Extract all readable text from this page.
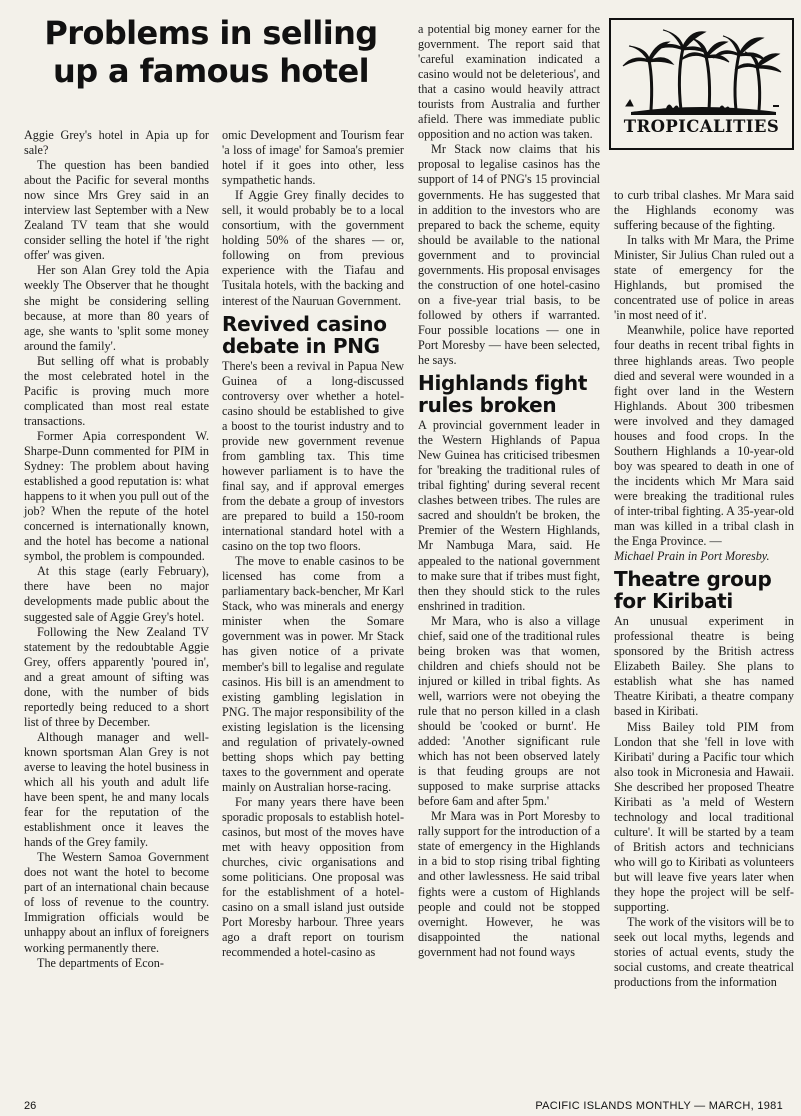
Problems in selling up a famous hotel
TROPICALITIES

Aggie Grey's hotel in Apia up for sale?

The question has been bandied about the Pacific for several months now since Mrs Grey said in an interview last September with a New Zealand TV team that she would consider selling the hotel if 'the right offer' was given.

Her son Alan Grey told the Apia weekly The Observer that he thought she might be considering selling because, at more than 80 years of age, she wants to 'split some money around the family'.

But selling off what is probably the most celebrated hotel in the Pacific is proving much more complicated than most real estate transactions.

Former Apia correspondent W. Sharpe-Dunn commented for PIM in Sydney: The problem about having established a good reputation is: what happens to it when you pull out of the job? When the repute of the hotel concerned is internationally known, and the hotel has become a national symbol, the problem is compounded.

At this stage (early February), there have been no major developments made public about the suggested sale of Aggie Grey's hotel.

Following the New Zealand TV statement by the redoubtable Aggie Grey, offers apparently 'poured in', and a great amount of sifting was done, with the number of bids reportedly being reduced to a short list of three by December.

Although manager and well-known sportsman Alan Grey is not averse to leaving the hotel business in which all his youth and adult life have been spent, he and many locals fear for the reputation of the establishment once it leaves the hands of the Grey family.

The Western Samoa Government does not want the hotel to become part of an international chain because of loss of revenue to the country. Immigration officials would be unhappy about an influx of foreigners working permanently there.

The departments of Econ-

omic Development and Tourism fear 'a loss of image' for Samoa's premier hotel if it goes into other, less sympathetic hands.

If Aggie Grey finally decides to sell, it would probably be to a local consortium, with the government holding 50% of the shares — or, following on from previous experience with the Tiafau and Tusitala hotels, with the backing and interest of the Nauruan Government.

Revived casino debate in PNG

There's been a revival in Papua New Guinea of a long-discussed controversy over whether a hotel-casino should be established to give a boost to the tourist industry and to provide new government revenue from gambling tax. This time however parliament is to have the final say, and if approval emerges from the debate a group of investors are prepared to build a 150-room international standard hotel with a casino on the top two floors.

The move to enable casinos to be licensed has come from a parliamentary back-bencher, Mr Karl Stack, who was minerals and energy minister when the Somare government was in power. Mr Stack has given notice of a private member's bill to legalise and regulate casinos. His bill is an amendment to existing gambling legislation in PNG. The major responsibility of the existing legislation is the licensing and regulation of privately-owned betting shops which pay betting taxes to the government and operate mainly on Australian horse-racing.

For many years there have been sporadic proposals to establish hotel-casinos, but most of the moves have met with heavy opposition from churches, civic organisations and some politicians. One proposal was for the establishment of a hotel-casino on a small island just outside Port Moresby harbour. Three years ago a draft report on tourism recommended a hotel-casino as

a potential big money earner for the government. The report said that 'careful examination indicated a casino would not be deleterious', and that a casino would heavily attract tourists from Australia and further afield. There was immediate public opposition and no action was taken.

Mr Stack now claims that his proposal to legalise casinos has the support of 14 of PNG's 15 provincial governments. He has suggested that in addition to the investors who are prepared to back the scheme, equity should be available to the national government and to provincial governments. His proposal envisages the construction of one hotel-casino on a five-year trial basis, to be followed by others if warranted. Four possible locations — one in Port Moresby — have been selected, he says.

Highlands fight rules broken

A provincial government leader in the Western Highlands of Papua New Guinea has criticised tribesmen for 'breaking the traditional rules of tribal fighting' during several recent clashes between tribes. The rules are sacred and shouldn't be broken, the Premier of the Western Highlands, Mr Nambuga Mara, said. He appealed to the national government to make sure that if tribes must fight, then they should stick to the rules enshrined in tradition.

Mr Mara, who is also a village chief, said one of the traditional rules being broken was that women, children and chiefs should not be injured or killed in tribal fights. As well, warriors were not obeying the rule that no person killed in a clash should be 'cooked or burnt'. He added: 'Another significant rule which has not been observed lately is that feuding groups are not supposed to make surprise attacks before 6am and after 5pm.'

Mr Mara was in Port Moresby to rally support for the introduction of a state of emergency in the Highlands in a bid to stop rising tribal fighting and other lawlessness. He said tribal fights were a custom of Highlands people and could not be stopped overnight. However, he was disappointed the national government had not found ways

to curb tribal clashes. Mr Mara said the Highlands economy was suffering because of the fighting.

In talks with Mr Mara, the Prime Minister, Sir Julius Chan ruled out a state of emergency for the Highlands, but promised the concentrated use of police in areas 'in most need of it'.

Meanwhile, police have reported four deaths in recent tribal fights in three highlands areas. Two people died and several were wounded in a fight over land in the Western Highlands. About 300 tribesmen were involved and they damaged houses and food crops. In the Southern Highlands a 10-year-old boy was speared to death in one of the incidents which Mr Mara said were breaking the traditional rules of inter-tribal fighting. A 35-year-old man was killed in a tribal clash in the Enga Province. —

Michael Prain in Port Moresby.

Theatre group for Kiribati

An unusual experiment in professional theatre is being sponsored by the British actress Elizabeth Bailey. She plans to establish what she has named Theatre Kiribati, a theatre company based in Kiribati.

Miss Bailey told PIM from London that she 'fell in love with Kiribati' during a Pacific tour which also took in Micronesia and Hawaii. She described her proposed Theatre Kiribati as 'a meld of Western technology and local traditional culture'. It will be started by a team of British actors and technicians who will go to Kiribati as volunteers but will leave five years later when they hope the project will be self-supporting.

The work of the visitors will be to seek out local myths, legends and stories of actual events, study the social customs, and create theatrical productions from the information

26	PACIFIC ISLANDS MONTHLY — MARCH, 1981
